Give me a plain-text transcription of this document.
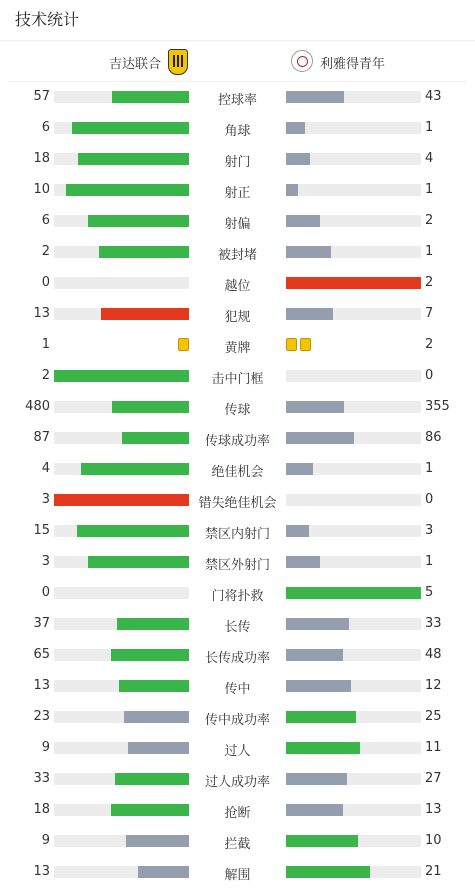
技术统计
吉达联合	利雅得青年
57	控球率	43
6	角球	1
18	射门	4
10	射正	1
6	射偏	2
2	被封堵	1
0	越位	2
13	犯规	7
1	黄牌	2
2	击中门框	0
480	传球	355
87	传球成功率	86
4	绝佳机会	1
3	错失绝佳机会	0
15	禁区内射门	3
3	禁区外射门	1
0	门将扑救	5
37	长传	33
65	长传成功率	48
13	传中	12
23	传中成功率	25
9	过人	11
33	过人成功率	27
18	抢断	13
9	拦截	10
13	解围	21
